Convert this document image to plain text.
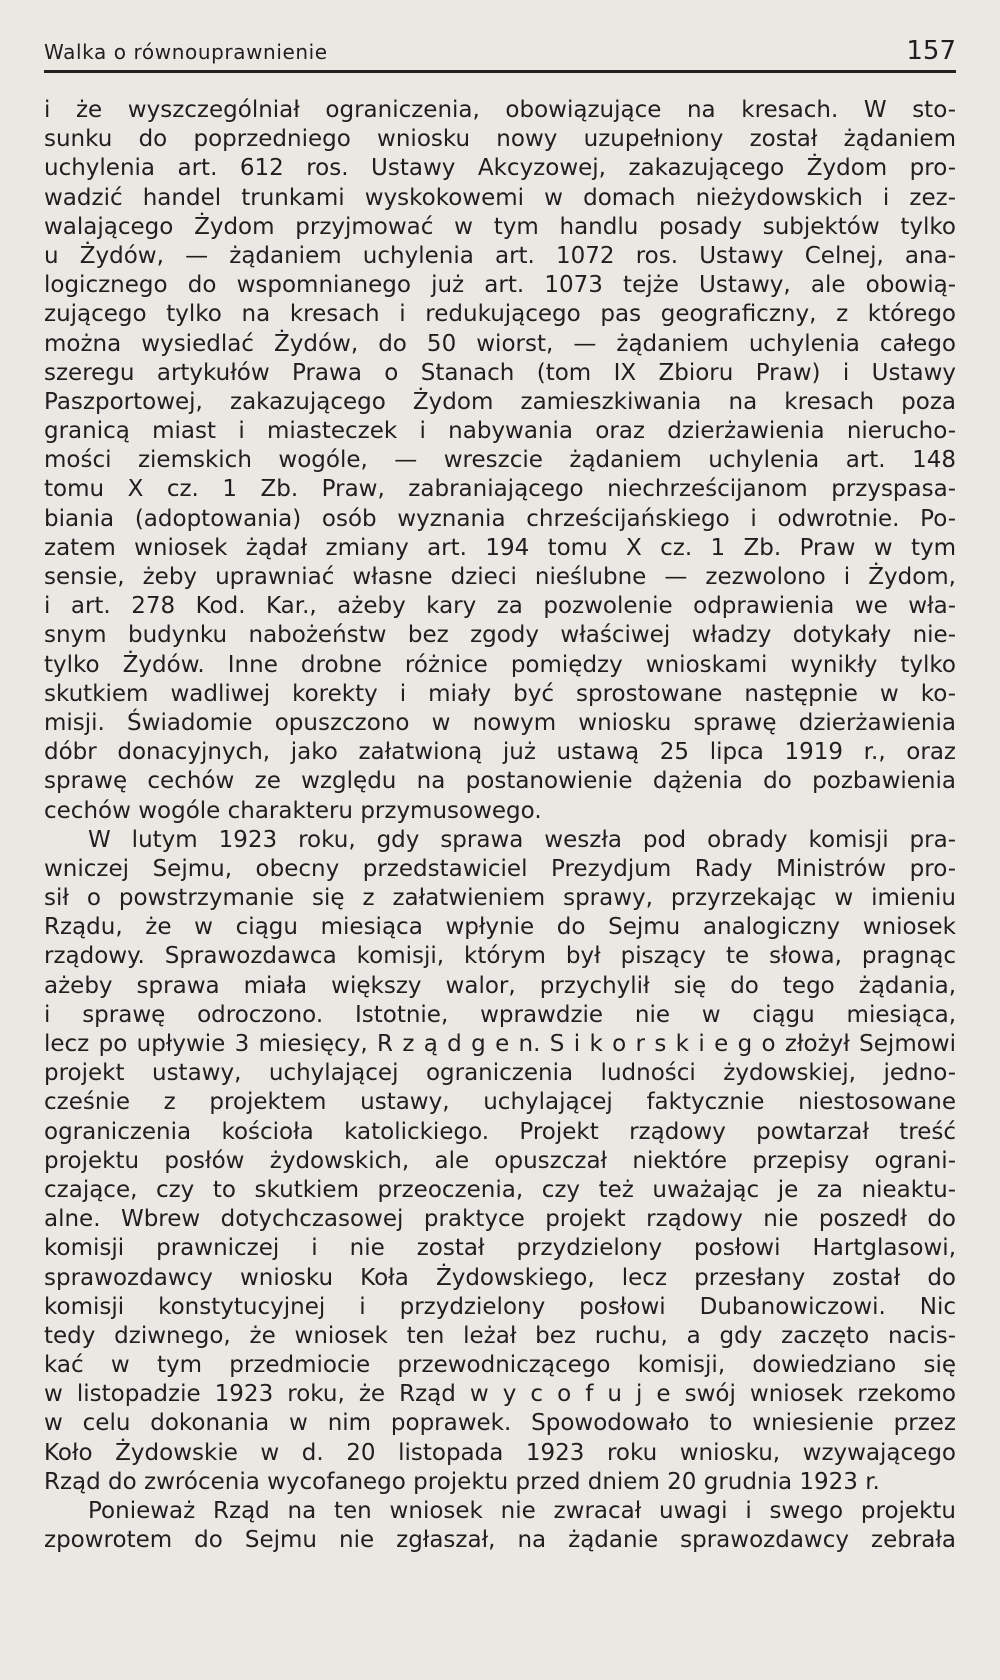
Walka o równouprawnienie	157
i że wyszczególniał ograniczenia, obowiązujące na kresach. W sto-
sunku do poprzedniego wniosku nowy uzupełniony został żądaniem
uchylenia art. 612 ros. Ustawy Akcyzowej, zakazującego Żydom pro-
wadzić handel trunkami wyskokowemi w domach nieżydowskich i zez-
walającego Żydom przyjmować w tym handlu posady subjektów tylko
u Żydów, — żądaniem uchylenia art. 1072 ros. Ustawy Celnej, ana-
logicznego do wspomnianego już art. 1073 tejże Ustawy, ale obowią-
zującego tylko na kresach i redukującego pas geograficzny, z którego
można wysiedlać Żydów, do 50 wiorst, — żądaniem uchylenia całego
szeregu artykułów Prawa o Stanach (tom IX Zbioru Praw) i Ustawy
Paszportowej, zakazującego Żydom zamieszkiwania na kresach poza
granicą miast i miasteczek i nabywania oraz dzierżawienia nierucho-
mości ziemskich wogóle, — wreszcie żądaniem uchylenia art. 148
tomu X cz. 1 Zb. Praw, zabraniającego niechrześcijanom przyspasa-
biania (adoptowania) osób wyznania chrześcijańskiego i odwrotnie. Po-
zatem wniosek żądał zmiany art. 194 tomu X cz. 1 Zb. Praw w tym
sensie, żeby uprawniać własne dzieci nieślubne — zezwolono i Żydom,
i art. 278 Kod. Kar., ażeby kary za pozwolenie odprawienia we wła-
snym budynku nabożeństw bez zgody właściwej władzy dotykały nie-
tylko Żydów. Inne drobne różnice pomiędzy wnioskami wynikły tylko
skutkiem wadliwej korekty i miały być sprostowane następnie w ko-
misji. Świadomie opuszczono w nowym wniosku sprawę dzierżawienia
dóbr donacyjnych, jako załatwioną już ustawą 25 lipca 1919 r., oraz
sprawę cechów ze względu na postanowienie dążenia do pozbawienia
cechów wogóle charakteru przymusowego.
W lutym 1923 roku, gdy sprawa weszła pod obrady komisji pra-
wniczej Sejmu, obecny przedstawiciel Prezydjum Rady Ministrów pro-
sił o powstrzymanie się z załatwieniem sprawy, przyrzekając w imieniu
Rządu, że w ciągu miesiąca wpłynie do Sejmu analogiczny wniosek
rządowy. Sprawozdawca komisji, którym był piszący te słowa, pragnąc
ażeby sprawa miała większy walor, przychylił się do tego żądania,
i sprawę odroczono. Istotnie, wprawdzie nie w ciągu miesiąca,
lecz po upływie 3 miesięcy, R z ą d g e n. S i k o r s k i e g o złożył Sejmowi
projekt ustawy, uchylającej ograniczenia ludności żydowskiej, jedno-
cześnie z projektem ustawy, uchylającej faktycznie niestosowane
ograniczenia kościoła katolickiego. Projekt rządowy powtarzał treść
projektu posłów żydowskich, ale opuszczał niektóre przepisy ograni-
czające, czy to skutkiem przeoczenia, czy też uważając je za nieaktu-
alne. Wbrew dotychczasowej praktyce projekt rządowy nie poszedł do
komisji prawniczej i nie został przydzielony posłowi Hartglasowi,
sprawozdawcy wniosku Koła Żydowskiego, lecz przesłany został do
komisji konstytucyjnej i przydzielony posłowi Dubanowiczowi. Nic
tedy dziwnego, że wniosek ten leżał bez ruchu, a gdy zaczęto nacis-
kać w tym przedmiocie przewodniczącego komisji, dowiedziano się
w listopadzie 1923 roku, że Rząd w y c o f u j e swój wniosek rzekomo
w celu dokonania w nim poprawek. Spowodowało to wniesienie przez
Koło Żydowskie w d. 20 listopada 1923 roku wniosku, wzywającego
Rząd do zwrócenia wycofanego projektu przed dniem 20 grudnia 1923 r.
Ponieważ Rząd na ten wniosek nie zwracał uwagi i swego projektu
zpowrotem do Sejmu nie zgłaszał, na żądanie sprawozdawcy zebrała
